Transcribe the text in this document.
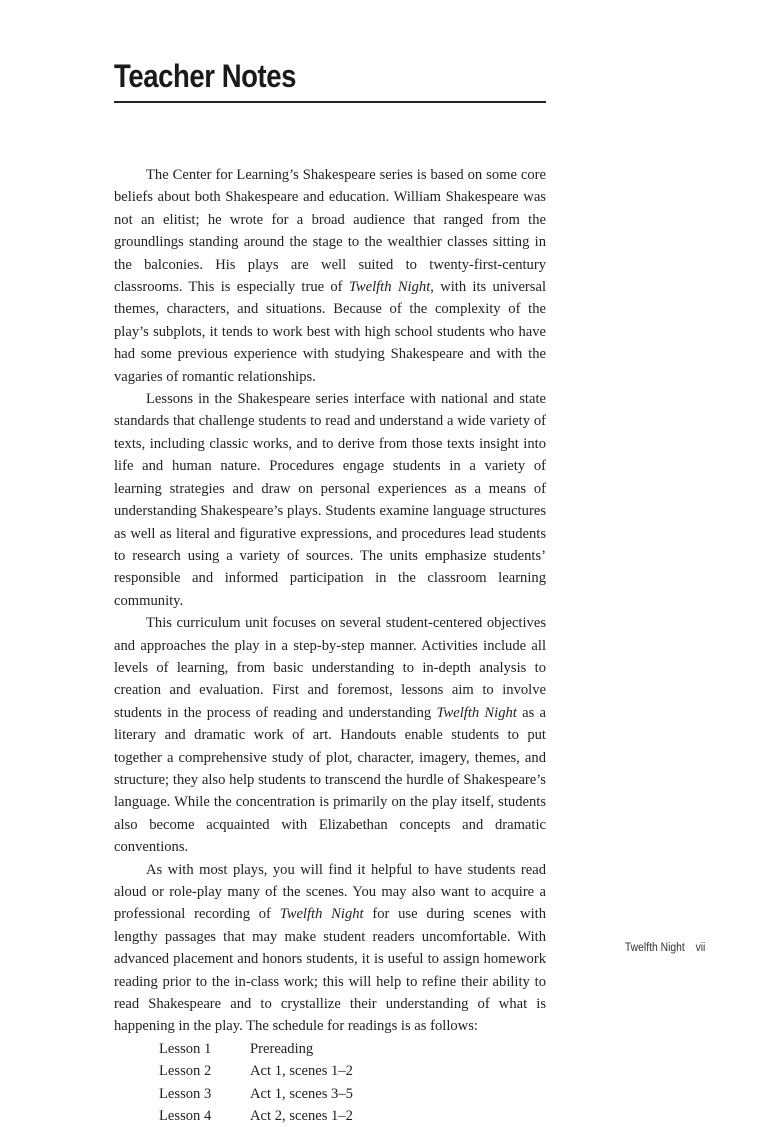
Teacher Notes

The Center for Learning’s Shakespeare series is based on some core beliefs about both Shakespeare and education. William Shakespeare was not an elitist; he wrote for a broad audience that ranged from the groundlings standing around the stage to the wealthier classes sitting in the balconies. His plays are well suited to twenty-first-century classrooms. This is especially true of Twelfth Night, with its universal themes, characters, and situations. Because of the complexity of the play’s subplots, it tends to work best with high school students who have had some previous experience with studying Shakespeare and with the vagaries of romantic relationships.

Lessons in the Shakespeare series interface with national and state standards that challenge students to read and understand a wide variety of texts, including classic works, and to derive from those texts insight into life and human nature. Procedures engage students in a variety of learning strategies and draw on personal experiences as a means of understanding Shakespeare’s plays. Students examine language structures as well as literal and figurative expressions, and procedures lead students to research using a variety of sources. The units emphasize students’ responsible and informed participation in the classroom learning community.

This curriculum unit focuses on several student-centered objectives and approaches the play in a step-by-step manner. Activities include all levels of learning, from basic understanding to in-depth analysis to creation and evaluation. First and foremost, lessons aim to involve students in the process of reading and understanding Twelfth Night as a literary and dramatic work of art. Handouts enable students to put together a comprehensive study of plot, character, imagery, themes, and structure; they also help students to transcend the hurdle of Shakespeare’s language. While the concentration is primarily on the play itself, students also become acquainted with Elizabethan concepts and dramatic conventions.

As with most plays, you will find it helpful to have students read aloud or role-play many of the scenes. You may also want to acquire a professional recording of Twelfth Night for use during scenes with lengthy passages that may make student readers uncomfortable. With advanced placement and honors students, it is useful to assign homework reading prior to the in-class work; this will help to refine their ability to read Shakespeare and to crystallize their understanding of what is happening in the play. The schedule for readings is as follows:

Lesson 1	Prereading
Lesson 2	Act 1, scenes 1–2
Lesson 3	Act 1, scenes 3–5
Lesson 4	Act 2, scenes 1–2
Twelfth Night vii
